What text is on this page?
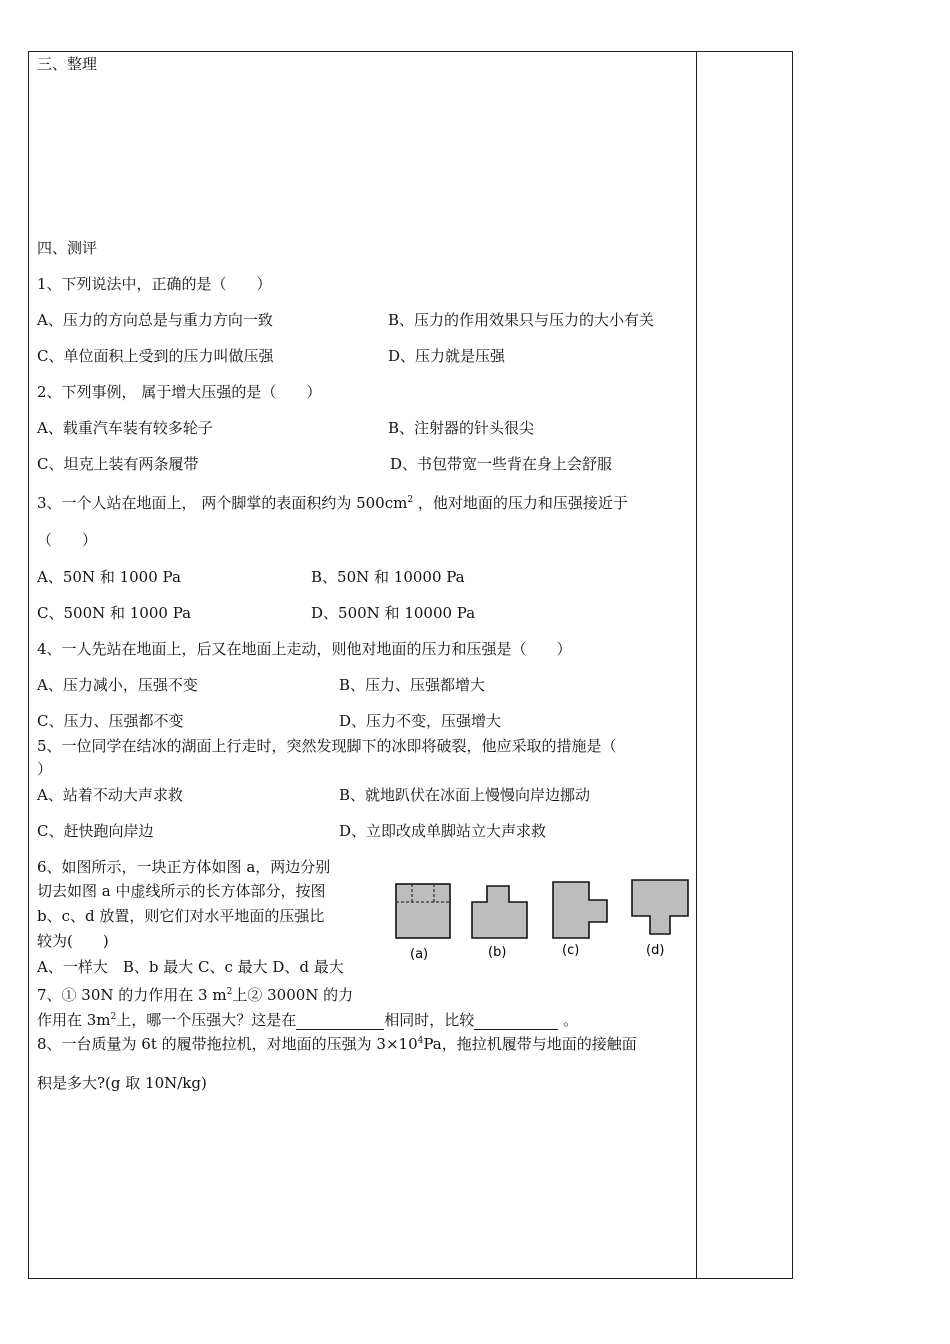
三、整理
四、测评
1、下列说法中，正确的是（　　）
A、压力的方向总是与重力方向一致	B、压力的作用效果只与压力的大小有关
C、单位面积上受到的压力叫做压强	D、压力就是压强
2、下列事例， 属于增大压强的是（　　）
A、载重汽车装有较多轮子	B、注射器的针头很尖
C、坦克上装有两条履带	D、书包带宽一些背在身上会舒服
3、一个人站在地面上， 两个脚掌的表面积约为 $500cm^2$ ，他对地面的压力和压强接近于
（　　）
A、50N 和 1000 Pa	B、50N 和 10000 Pa
C、500N 和 1000 Pa	D、500N 和 10000 Pa
4、一人先站在地面上，后又在地面上走动，则他对地面的压力和压强是（　　）
A、压力减小，压强不变	B、压力、压强都增大
C、压力、压强都不变	D、压力不变，压强增大
5、一位同学在结冰的湖面上行走时，突然发现脚下的冰即将破裂，他应采取的措施是（
）
A、站着不动大声求救	B、就地趴伏在冰面上慢慢向岸边挪动
C、赶快跑向岸边	D、立即改成单脚站立大声求救
6、如图所示，一块正方体如图 a，两边分别
切去如图 a 中虚线所示的长方体部分，按图
b、c、d 放置，则它们对水平地面的压强比
较为(　　)
A、一样大　B、b 最大 C、c 最大 D、d 最大
(a)	(b)	(c)	(d)
7、① 30N 的力作用在 3 $m^2$上② 3000N 的力
作用在 $3m^2$上，哪一个压强大？这是在	相同时，比较	。
8、一台质量为 6t 的履带拖拉机，对地面的压强为 $3\times 10^4Pa$，拖拉机履带与地面的接触面
积是多大?(g 取 10N/kg)
